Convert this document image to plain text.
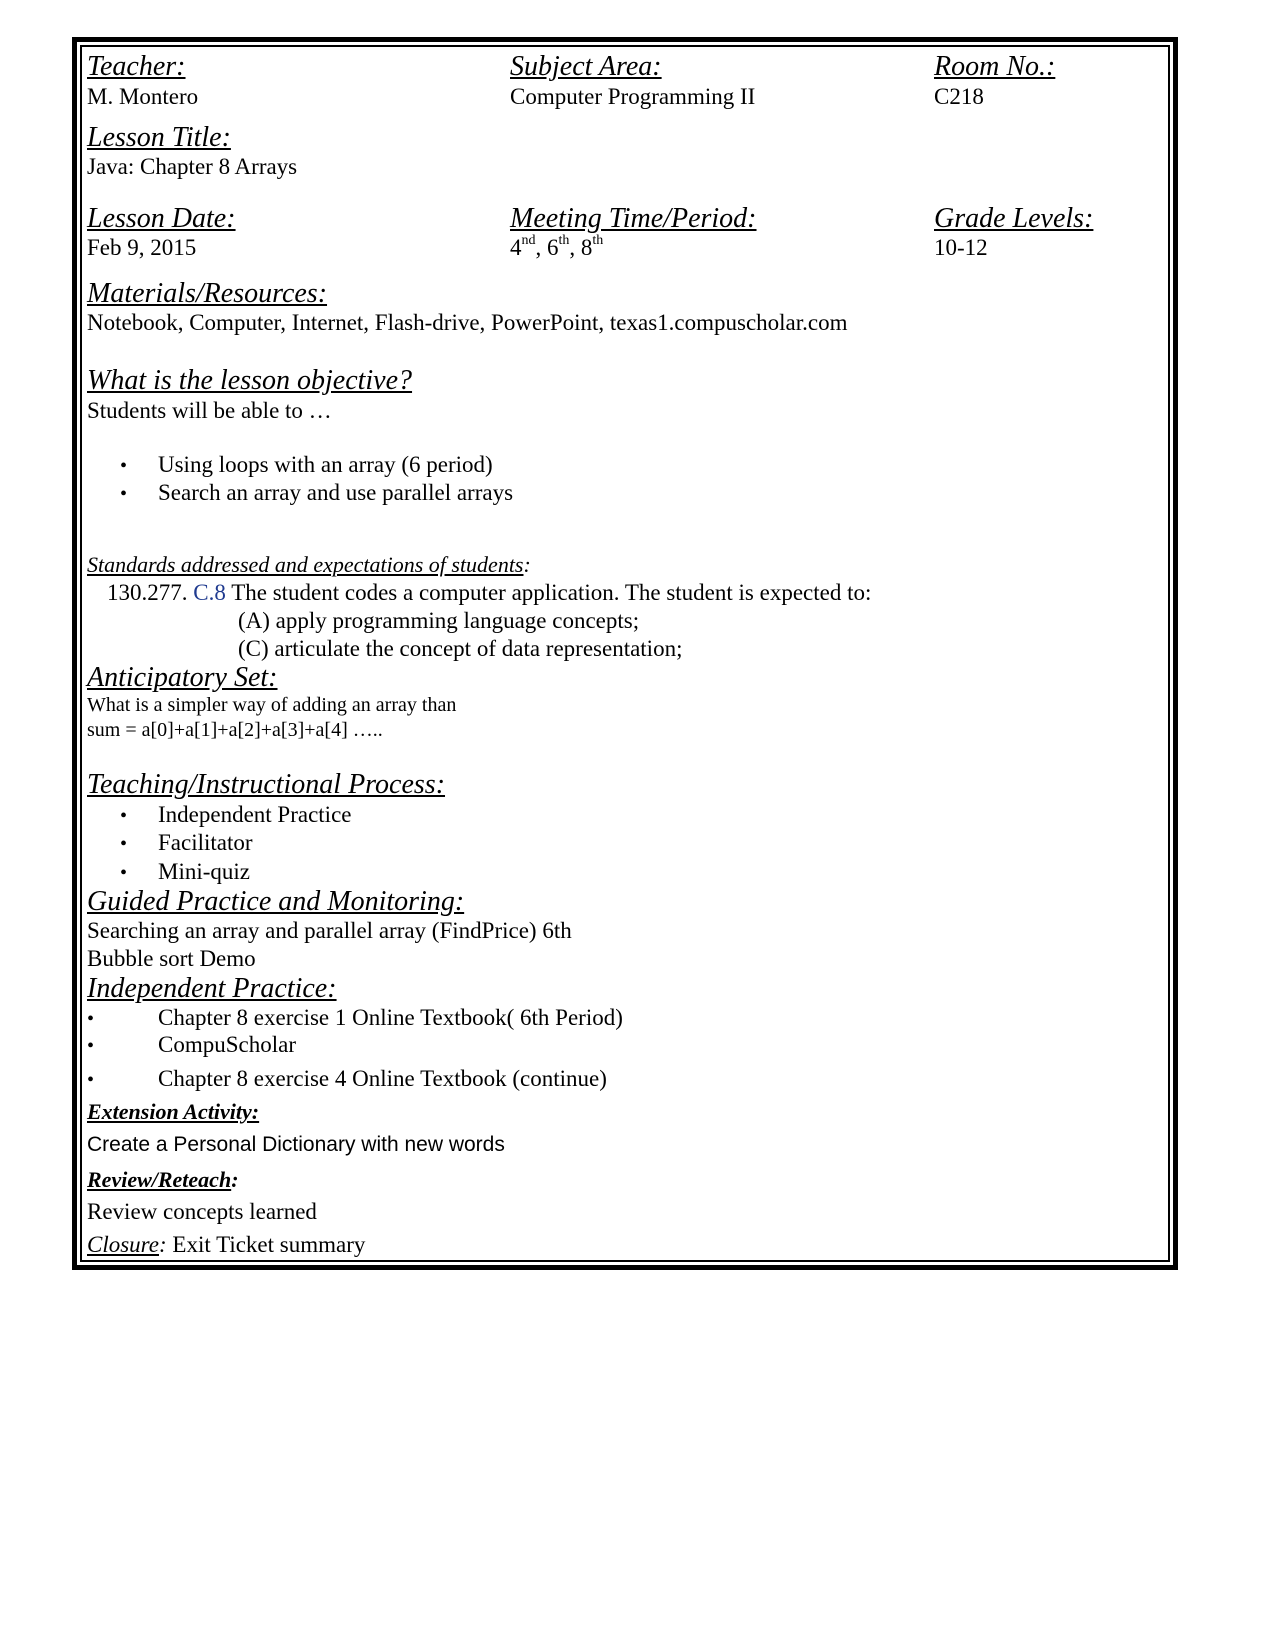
Teacher:
M. Montero
Subject Area:
Computer Programming II
Room No.:
C218
Lesson Title:
Java: Chapter 8 Arrays
Lesson Date:
Feb 9, 2015
Meeting Time/Period:
4nd, 6th, 8th
Grade Levels:
10-12
Materials/Resources:
Notebook, Computer, Internet, Flash-drive, PowerPoint, texas1.compuscholar.com
What is the lesson objective?
Students will be able to …
• Using loops with an array (6 period)
• Search an array and use parallel arrays
Standards addressed and expectations of students:
130.277. C.8 The student codes a computer application. The student is expected to:
(A) apply programming language concepts;
(C) articulate the concept of data representation;
Anticipatory Set:
What is a simpler way of adding an array than
sum = a[0]+a[1]+a[2]+a[3]+a[4] …..
Teaching/Instructional Process:
• Independent Practice
• Facilitator
• Mini-quiz
Guided Practice and Monitoring:
Searching an array and parallel array (FindPrice) 6th
Bubble sort Demo
Independent Practice:
•	Chapter 8 exercise 1 Online Textbook( 6th Period)
•	CompuScholar
•	Chapter 8 exercise 4 Online Textbook (continue)
Extension Activity:
Create a Personal Dictionary with new words
Review/Reteach:
Review concepts learned
Closure: Exit Ticket summary
